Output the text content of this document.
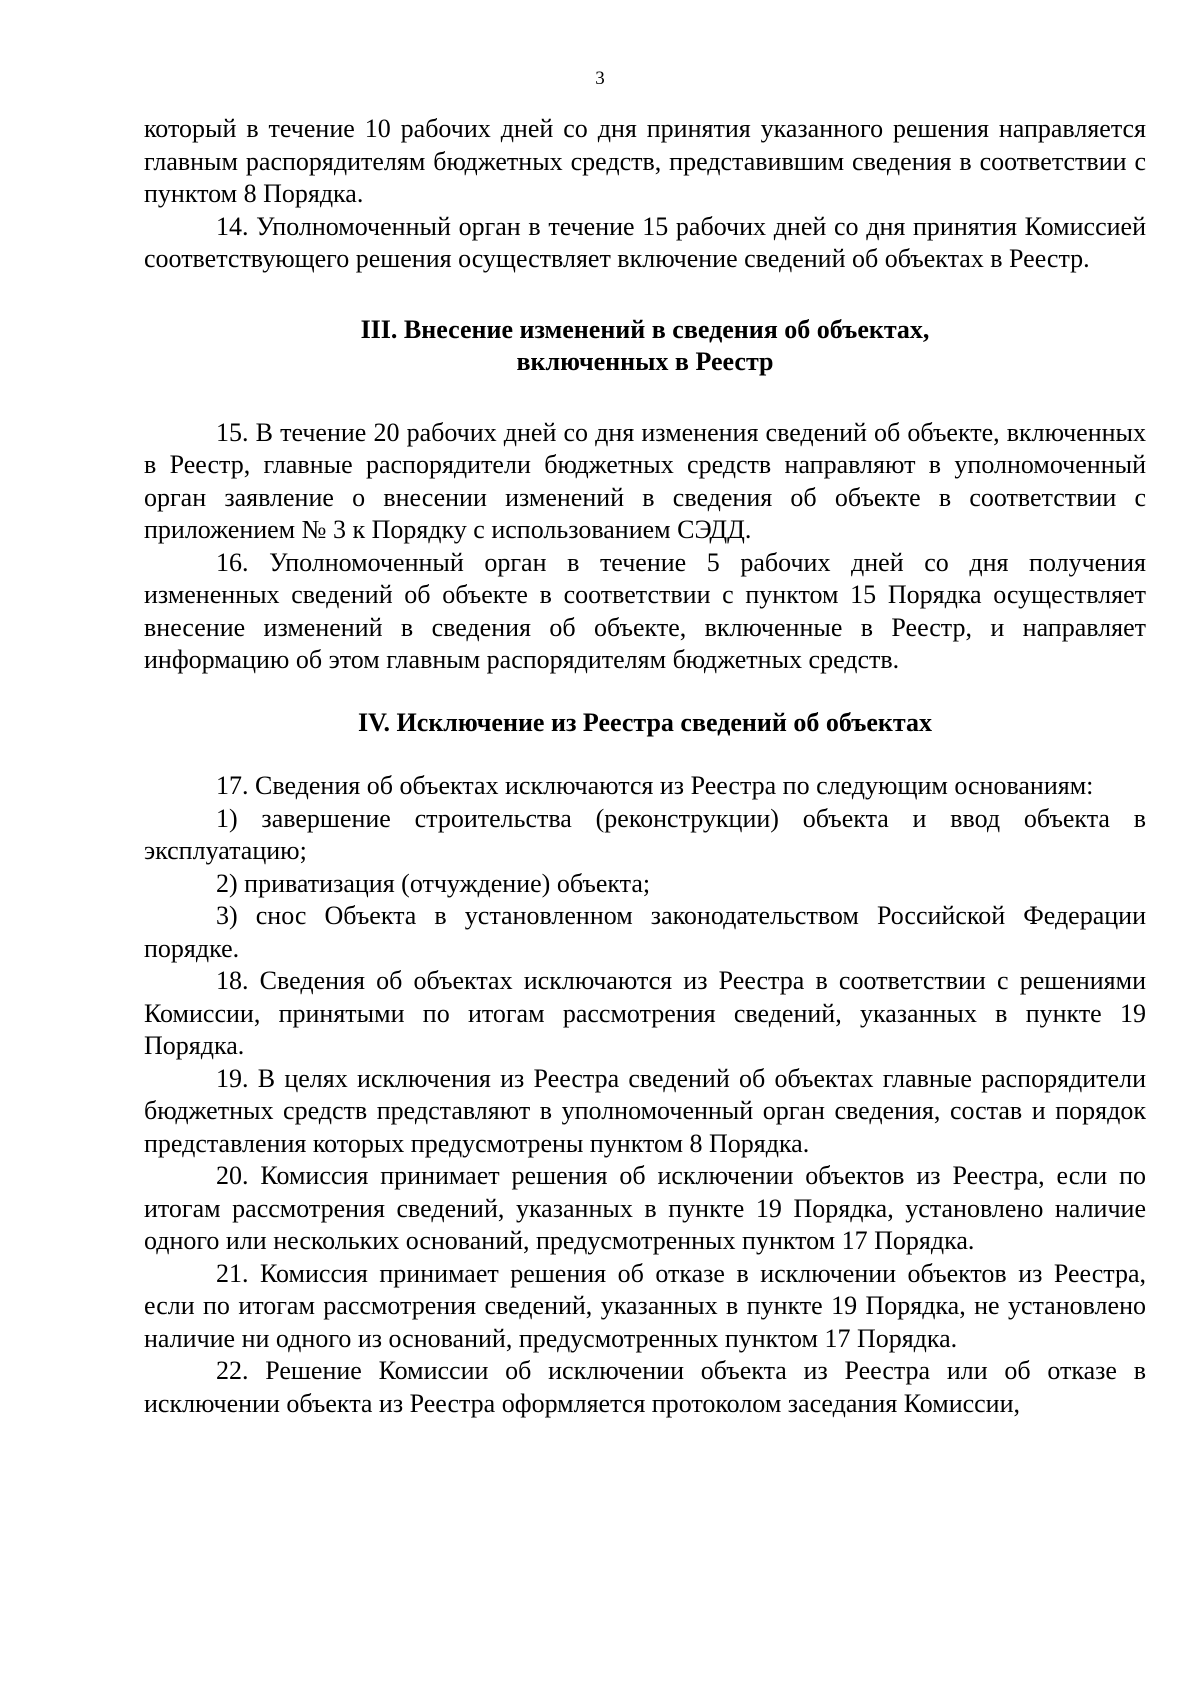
3

который в течение 10 рабочих дней со дня принятия указанного решения направляется главным распорядителям бюджетных средств, представившим сведения в соответствии с пунктом 8 Порядка.

14. Уполномоченный орган в течение 15 рабочих дней со дня принятия Комиссией соответствующего решения осуществляет включение сведений об объектах в Реестр.

III. Внесение изменений в сведения об объектах,
включенных в Реестр

15. В течение 20 рабочих дней со дня изменения сведений об объекте, включенных в Реестр, главные распорядители бюджетных средств направляют в уполномоченный орган заявление о внесении изменений в сведения об объекте в соответствии с приложением № 3 к Порядку с использованием СЭДД.

16. Уполномоченный орган в течение 5 рабочих дней со дня получения измененных сведений об объекте в соответствии с пунктом 15 Порядка осуществляет внесение изменений в сведения об объекте, включенные в Реестр, и направляет информацию об этом главным распорядителям бюджетных средств.

IV. Исключение из Реестра сведений об объектах

17. Сведения об объектах исключаются из Реестра по следующим основаниям:

1) завершение строительства (реконструкции) объекта и ввод объекта в эксплуатацию;

2) приватизация (отчуждение) объекта;

3) снос Объекта в установленном законодательством Российской Федерации порядке.

18. Сведения об объектах исключаются из Реестра в соответствии с решениями Комиссии, принятыми по итогам рассмотрения сведений, указанных в пункте 19 Порядка.

19. В целях исключения из Реестра сведений об объектах главные распорядители бюджетных средств представляют в уполномоченный орган сведения, состав и порядок представления которых предусмотрены пунктом 8 Порядка.

20. Комиссия принимает решения об исключении объектов из Реестра, если по итогам рассмотрения сведений, указанных в пункте 19 Порядка, установлено наличие одного или нескольких оснований, предусмотренных пунктом 17 Порядка.

21. Комиссия принимает решения об отказе в исключении объектов из Реестра, если по итогам рассмотрения сведений, указанных в пункте 19 Порядка, не установлено наличие ни одного из оснований, предусмотренных пунктом 17 Порядка.

22. Решение Комиссии об исключении объекта из Реестра или об отказе в исключении объекта из Реестра оформляется протоколом заседания Комиссии,
